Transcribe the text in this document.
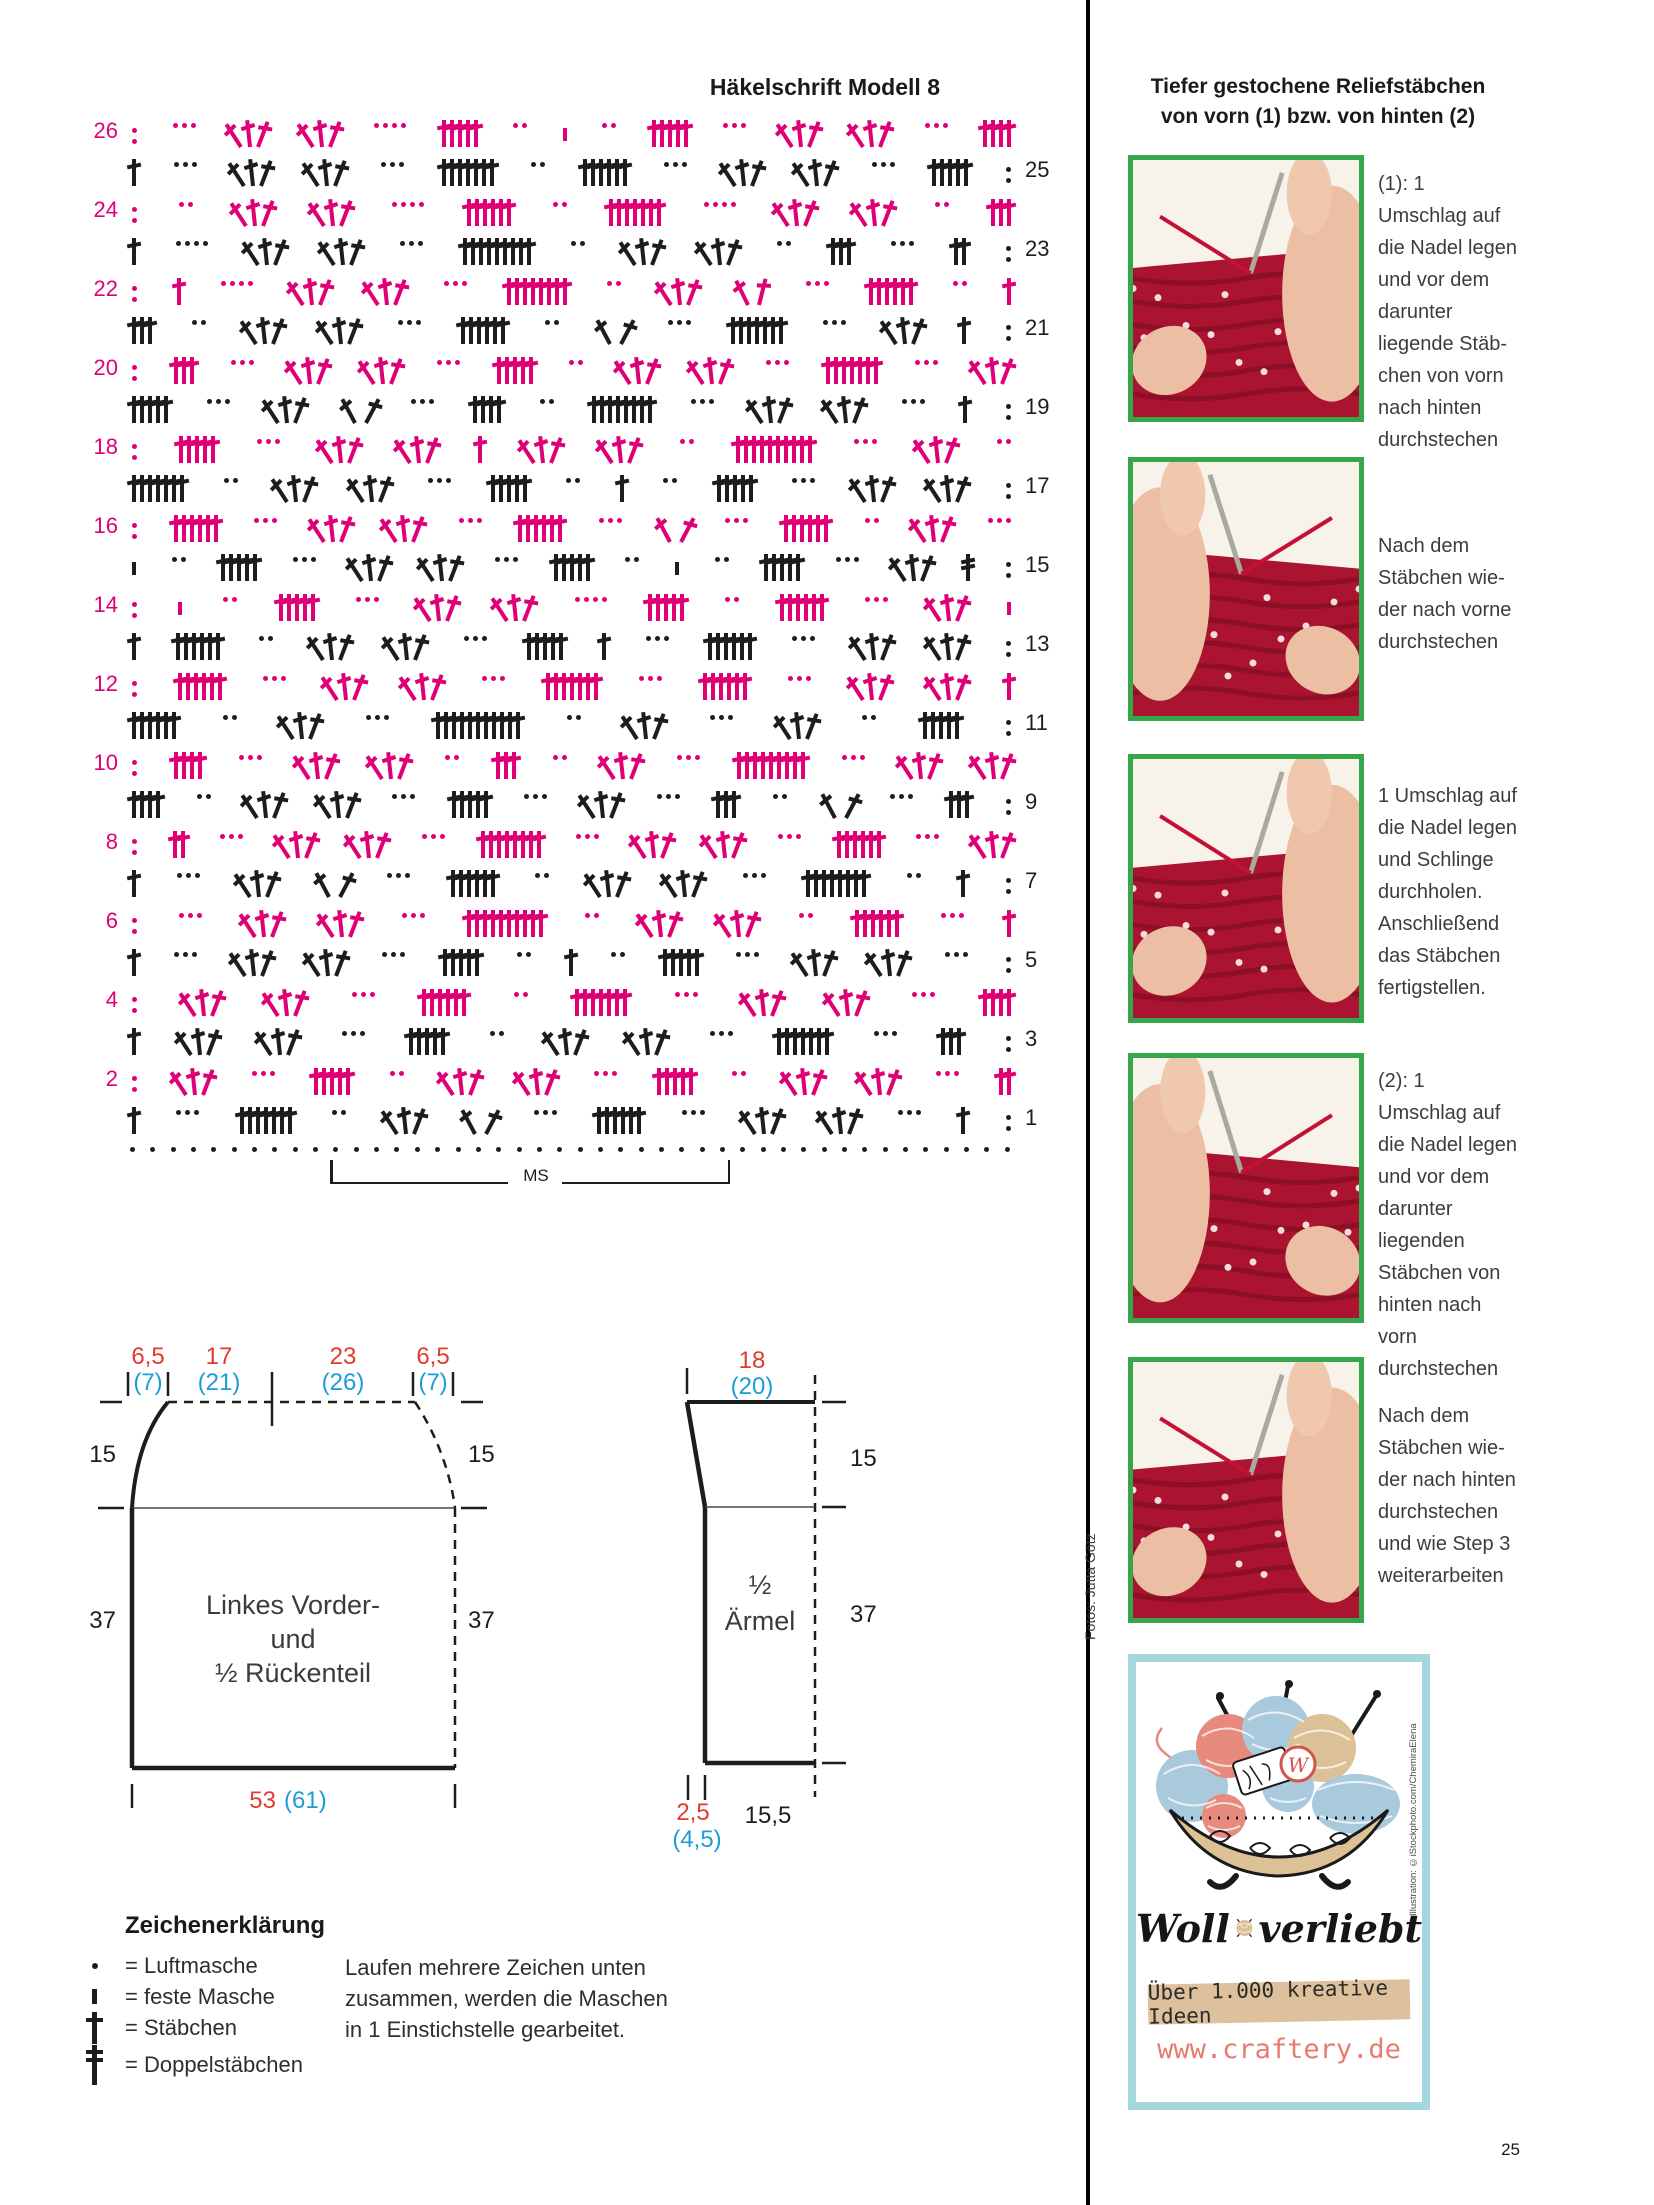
Häkelschrift Modell 8
26
25
24
23
22
21
20
19
18
17
16
15
14
13
12
11
10
9
8
7
6
5
4
3
2
1
MS
6,5
(7)
17
(21)
23
(26)
6,5
(7)
15
37
15
37
53 (61)
Linkes Vorder-
und
½ Rückenteil
18
(20)
15
37
½
Ärmel
2,5
(4,5)
15,5
Zeichenerklärung
= Luftmasche
= feste Masche
= Stäbchen
= Doppelstäbchen
Laufen mehrere Zeichen unten zusammen, werden die Maschen in 1 Einstichstelle gearbeitet.
Tiefer gestochene Reliefstäbchen
von vorn (1) bzw. von hinten (2)
(1): 1 Umschlag auf die Nadel legen und vor dem darunter liegende Stäbchen von vorn nach hinten durchstechen
Nach dem Stäbchen wieder nach vorne durchstechen
1 Umschlag auf die Nadel legen und Schlinge durchholen. Anschließend das Stäbchen fertigstellen.
(2): 1 Umschlag auf die Nadel legen und vor dem darunter liegenden Stäbchen von hinten nach vorn durchstechen
Nach dem Stäbchen wieder nach hinten durchstechen und wie Step 3 weiterarbeiten
Fotos: Jutta Götz
W	Illustration: ©iStockphoto.com/ChemiraElena
Woll verliebt
Über 1.000 kreative Ideen
www.craftery.de
25
